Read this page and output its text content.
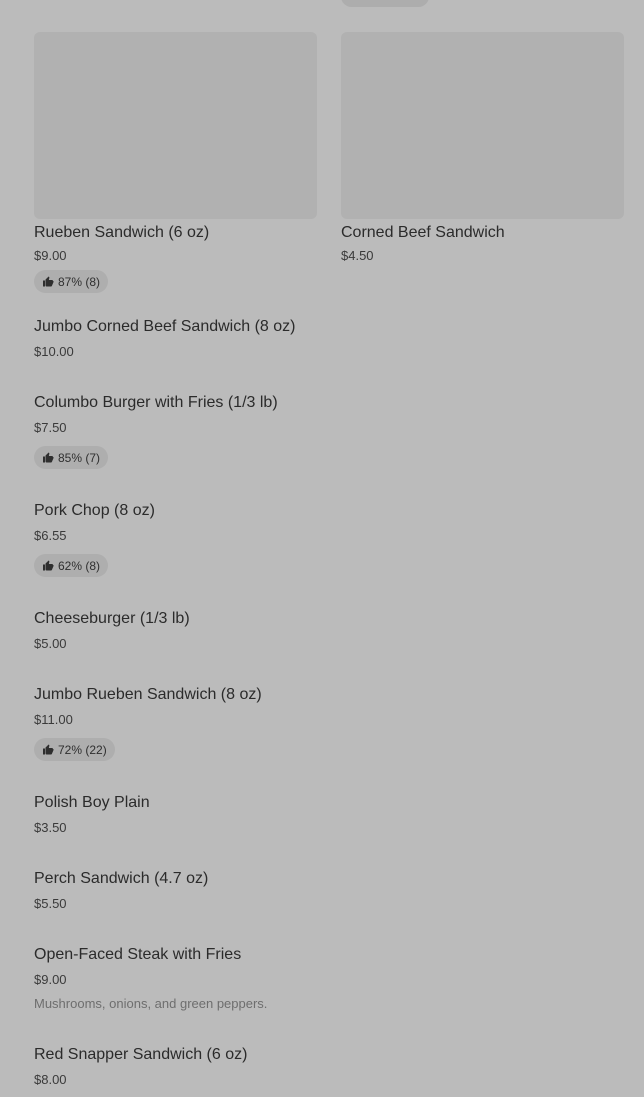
Rueben Sandwich (6 oz)
$9.00
87% (8)
Corned Beef Sandwich
$4.50
Jumbo Corned Beef Sandwich (8 oz)
$10.00
Columbo Burger with Fries (1/3 lb)
$7.50
85% (7)
Pork Chop (8 oz)
$6.55
62% (8)
Cheeseburger (1/3 lb)
$5.00
Jumbo Rueben Sandwich (8 oz)
$11.00
72% (22)
Polish Boy Plain
$3.50
Perch Sandwich (4.7 oz)
$5.50
Open-Faced Steak with Fries
$9.00
Mushrooms, onions, and green peppers.
Red Snapper Sandwich (6 oz)
$8.00
